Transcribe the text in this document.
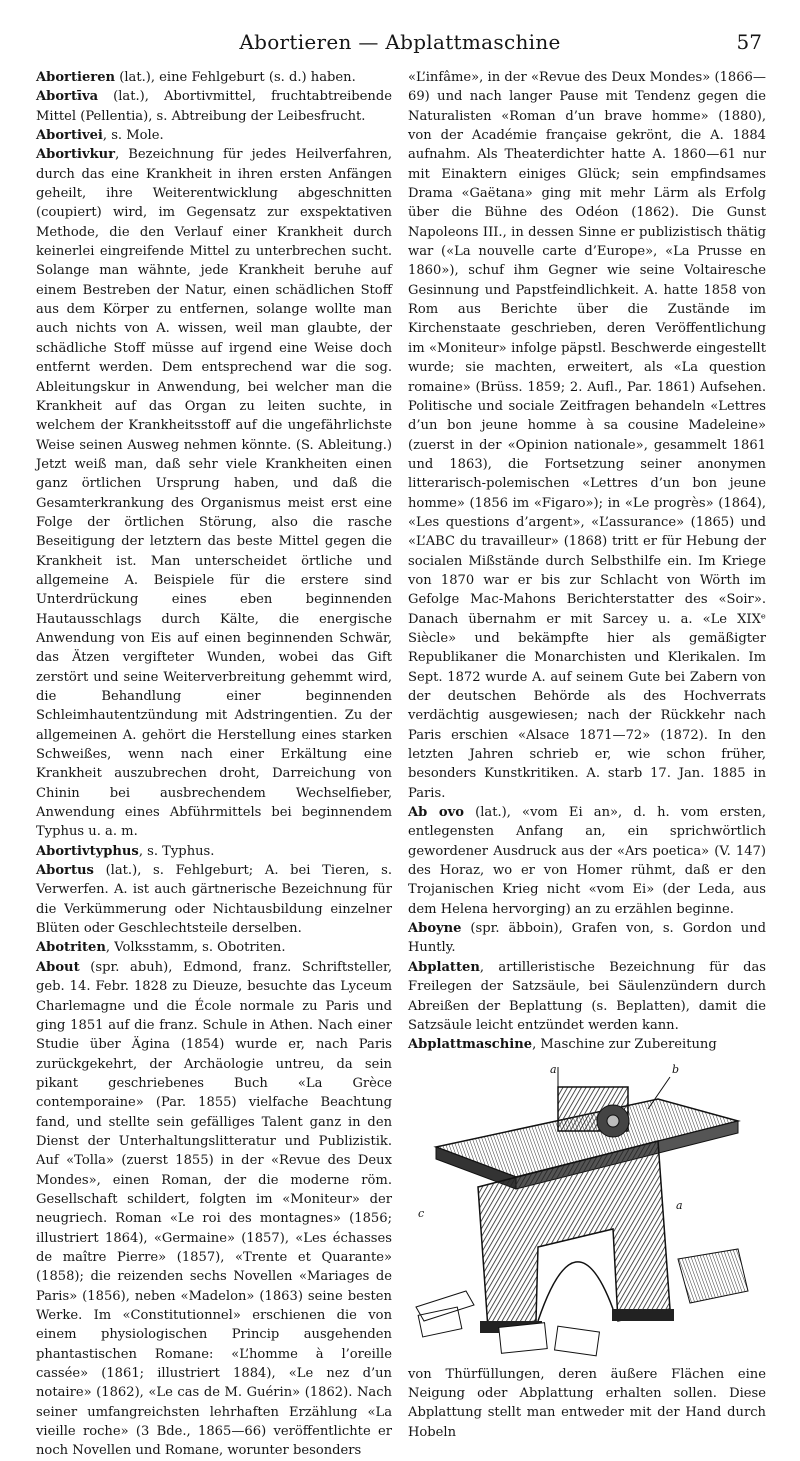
Abortieren — Abplattmaschine	57

Abortieren (lat.), eine Fehlgeburt (s. d.) haben.

Abortīva (lat.), Abortivmittel, fruchtabtreibende Mittel (Pellentia), s. Abtreibung der Leibesfrucht.

Abortivei, s. Mole.

Abortivkur, Bezeichnung für jedes Heilverfahren, durch das eine Krankheit in ihren ersten Anfängen geheilt, ihre Weiterentwicklung abgeschnitten (coupiert) wird, im Gegensatz zur exspektativen Methode, die den Verlauf einer Krankheit durch keinerlei eingreifende Mittel zu unterbrechen sucht. Solange man wähnte, jede Krankheit beruhe auf einem Bestreben der Natur, einen schädlichen Stoff aus dem Körper zu entfernen, solange wollte man auch nichts von A. wissen, weil man glaubte, der schädliche Stoff müsse auf irgend eine Weise doch entfernt werden. Dem entsprechend war die sog. Ableitungskur in Anwendung, bei welcher man die Krankheit auf das Organ zu leiten suchte, in welchem der Krankheitsstoff auf die ungefährlichste Weise seinen Ausweg nehmen könnte. (S. Ableitung.) Jetzt weiß man, daß sehr viele Krankheiten einen ganz örtlichen Ursprung haben, und daß die Gesamterkrankung des Organismus meist erst eine Folge der örtlichen Störung, also die rasche Beseitigung der letztern das beste Mittel gegen die Krankheit ist. Man unterscheidet örtliche und allgemeine A. Beispiele für die erstere sind Unterdrückung eines eben beginnenden Hautausschlags durch Kälte, die energische Anwendung von Eis auf einen beginnenden Schwär, das Ätzen vergifteter Wunden, wobei das Gift zerstört und seine Weiterverbreitung gehemmt wird, die Behandlung einer beginnenden Schleimhautentzündung mit Adstringentien. Zu der allgemeinen A. gehört die Herstellung eines starken Schweißes, wenn nach einer Erkältung eine Krankheit auszubrechen droht, Darreichung von Chinin bei ausbrechendem Wechselfieber, Anwendung eines Abführmittels bei beginnendem Typhus u. a. m.

Abortivtyphus, s. Typhus.

Abortus (lat.), s. Fehlgeburt; A. bei Tieren, s. Verwerfen. A. ist auch gärtnerische Bezeichnung für die Verkümmerung oder Nichtausbildung einzelner Blüten oder Geschlechtsteile derselben.

Abotriten, Volksstamm, s. Obotriten.

About (spr. abuh), Edmond, franz. Schriftsteller, geb. 14. Febr. 1828 zu Dieuze, besuchte das Lyceum Charlemagne und die École normale zu Paris und ging 1851 auf die franz. Schule in Athen. Nach einer Studie über Ägina (1854) wurde er, nach Paris zurückgekehrt, der Archäologie untreu, da sein pikant geschriebenes Buch «La Grèce contemporaine» (Par. 1855) vielfache Beachtung fand, und stellte sein gefälliges Talent ganz in den Dienst der Unterhaltungslitteratur und Publizistik. Auf «Tolla» (zuerst 1855) in der «Revue des Deux Mondes», einen Roman, der die moderne röm. Gesellschaft schildert, folgten im «Moniteur» der neugriech. Roman «Le roi des montagnes» (1856; illustriert 1864), «Germaine» (1857), «Les échasses de maître Pierre» (1857), «Trente et Quarante» (1858); die reizenden sechs Novellen «Mariages de Paris» (1856), neben «Madelon» (1863) seine besten Werke. Im «Constitutionnel» erschienen die von einem physiologischen Princip ausgehenden phantastischen Romane: «L’homme à l’oreille cassée» (1861; illustriert 1884), «Le nez d’un notaire» (1862), «Le cas de M. Guérin» (1862). Nach seiner umfangreichsten lehrhaften Erzählung «La vieille roche» (3 Bde., 1865—66) veröffentlichte er noch Novellen und Romane, worunter besonders

«L’infâme», in der «Revue des Deux Mondes» (1866—69) und nach langer Pause mit Tendenz gegen die Naturalisten «Roman d’un brave homme» (1880), von der Académie française gekrönt, die A. 1884 aufnahm. Als Theaterdichter hatte A. 1860—61 nur mit Einaktern einiges Glück; sein empfindsames Drama «Gaëtana» ging mit mehr Lärm als Erfolg über die Bühne des Odéon (1862). Die Gunst Napoleons III., in dessen Sinne er publizistisch thätig war («La nouvelle carte d’Europe», «La Prusse en 1860»), schuf ihm Gegner wie seine Voltairesche Gesinnung und Papstfeindlichkeit. A. hatte 1858 von Rom aus Berichte über die Zustände im Kirchenstaate geschrieben, deren Veröffentlichung im «Moniteur» infolge päpstl. Beschwerde eingestellt wurde; sie machten, erweitert, als «La question romaine» (Brüss. 1859; 2. Aufl., Par. 1861) Aufsehen. Politische und sociale Zeitfragen behandeln «Lettres d’un bon jeune homme à sa cousine Madeleine» (zuerst in der «Opinion nationale», gesammelt 1861 und 1863), die Fortsetzung seiner anonymen litterarisch-polemischen «Lettres d’un bon jeune homme» (1856 im «Figaro»); in «Le progrès» (1864), «Les questions d’argent», «L’assurance» (1865) und «L’ABC du travailleur» (1868) tritt er für Hebung der socialen Mißstände durch Selbsthilfe ein. Im Kriege von 1870 war er bis zur Schlacht von Wörth im Gefolge Mac-Mahons Berichterstatter des «Soir». Danach übernahm er mit Sarcey u. a. «Le XIXᵉ Siècle» und bekämpfte hier als gemäßigter Republikaner die Monarchisten und Klerikalen. Im Sept. 1872 wurde A. auf seinem Gute bei Zabern von der deutschen Behörde als des Hochverrats verdächtig ausgewiesen; nach der Rückkehr nach Paris erschien «Alsace 1871—72» (1872). In den letzten Jahren schrieb er, wie schon früher, besonders Kunstkritiken. A. starb 17. Jan. 1885 in Paris.

Ab ovo (lat.), «vom Ei an», d. h. vom ersten, entlegensten Anfang an, ein sprichwörtlich gewordener Ausdruck aus der «Ars poetica» (V. 147) des Horaz, wo er von Homer rühmt, daß er den Trojanischen Krieg nicht «vom Ei» (der Leda, aus dem Helena hervorging) an zu erzählen beginne.

Aboyne (spr. äbboin), Grafen von, s. Gordon und Huntly.

Abplatten, artilleristische Bezeichnung für das Freilegen der Satzsäule, bei Säulenzündern durch Abreißen der Beplattung (s. Beplatten), damit die Satzsäule leicht entzündet werden kann.

Abplattmaschine, Maschine zur Zubereitung

a	b
c
a

von Thürfüllungen, deren äußere Flächen eine Neigung oder Abplattung erhalten sollen. Diese Abplattung stellt man entweder mit der Hand durch Hobeln
